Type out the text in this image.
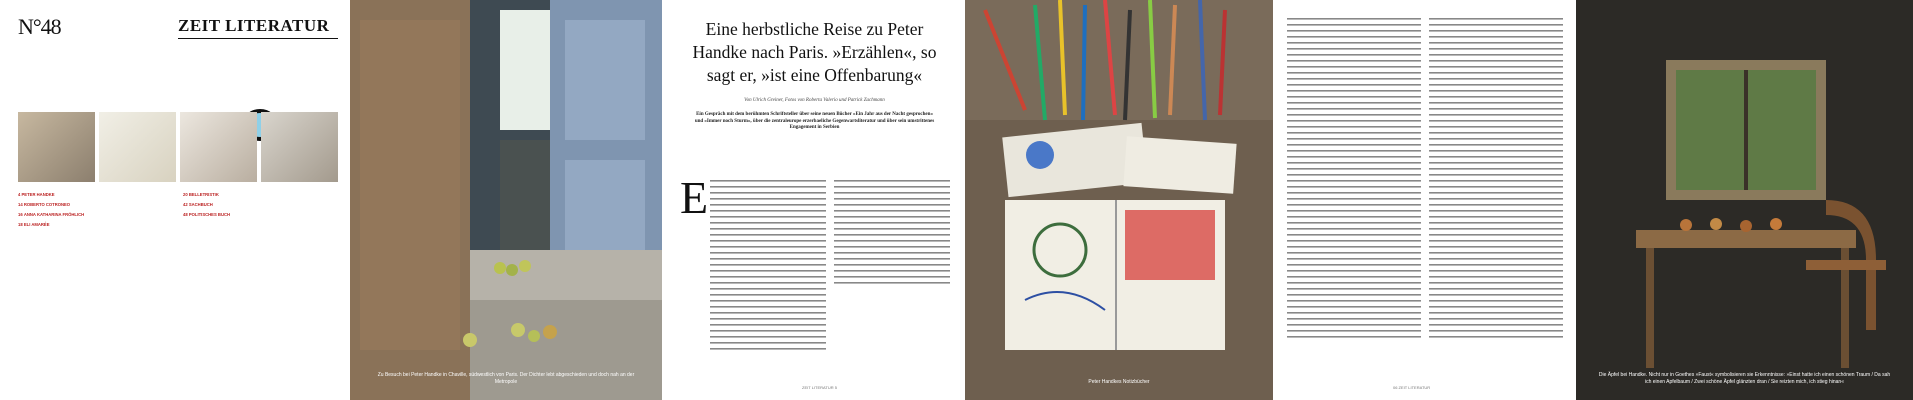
N°48	ZEIT LITERATUR
4 PETER HANDKE
14 ROBERTO COTRONEO
16 ANNA KATHARINA FRÖHLICH
18 ELI AMARÉE
20 BELLETRISTIK
42 SACHBUCH
48 POLITISCHES BUCH
Zu Besuch bei Peter Handke in Chaville, südwestlich von Paris. Der Dichter lebt abgeschieden und doch nah an der Metropole
Eine herbstliche Reise zu Peter Handke nach Paris. »Erzählen«, so sagt er, »ist eine Offenbarung«
Von Ulrich Greiner, Fotos von Roberta Valerio und Patrick Zachmann
Ein Gespräch mit dem berühmten Schriftsteller über seine neuen Bücher »Ein Jahr aus der Nacht gesprochen« und »Immer noch Sturm«, über die zentraleurope erzerbaeliche Gegenwartsliteratur und über sein umstrittenes Engagement in Serbien
E
ZEIT LITERATUR 5
Peter Handkes Notizbücher
06 ZEIT LITERATUR
Die Äpfel bei Handke. Nicht nur in Goethes »Faust« symbolisieren sie Erkenntnisse: »Einst hatte ich einen schönen Traum / Da sah ich einen Apfelbaum / Zwei schöne Äpfel glänzten dran / Sie reizten mich, ich stieg hinan«
